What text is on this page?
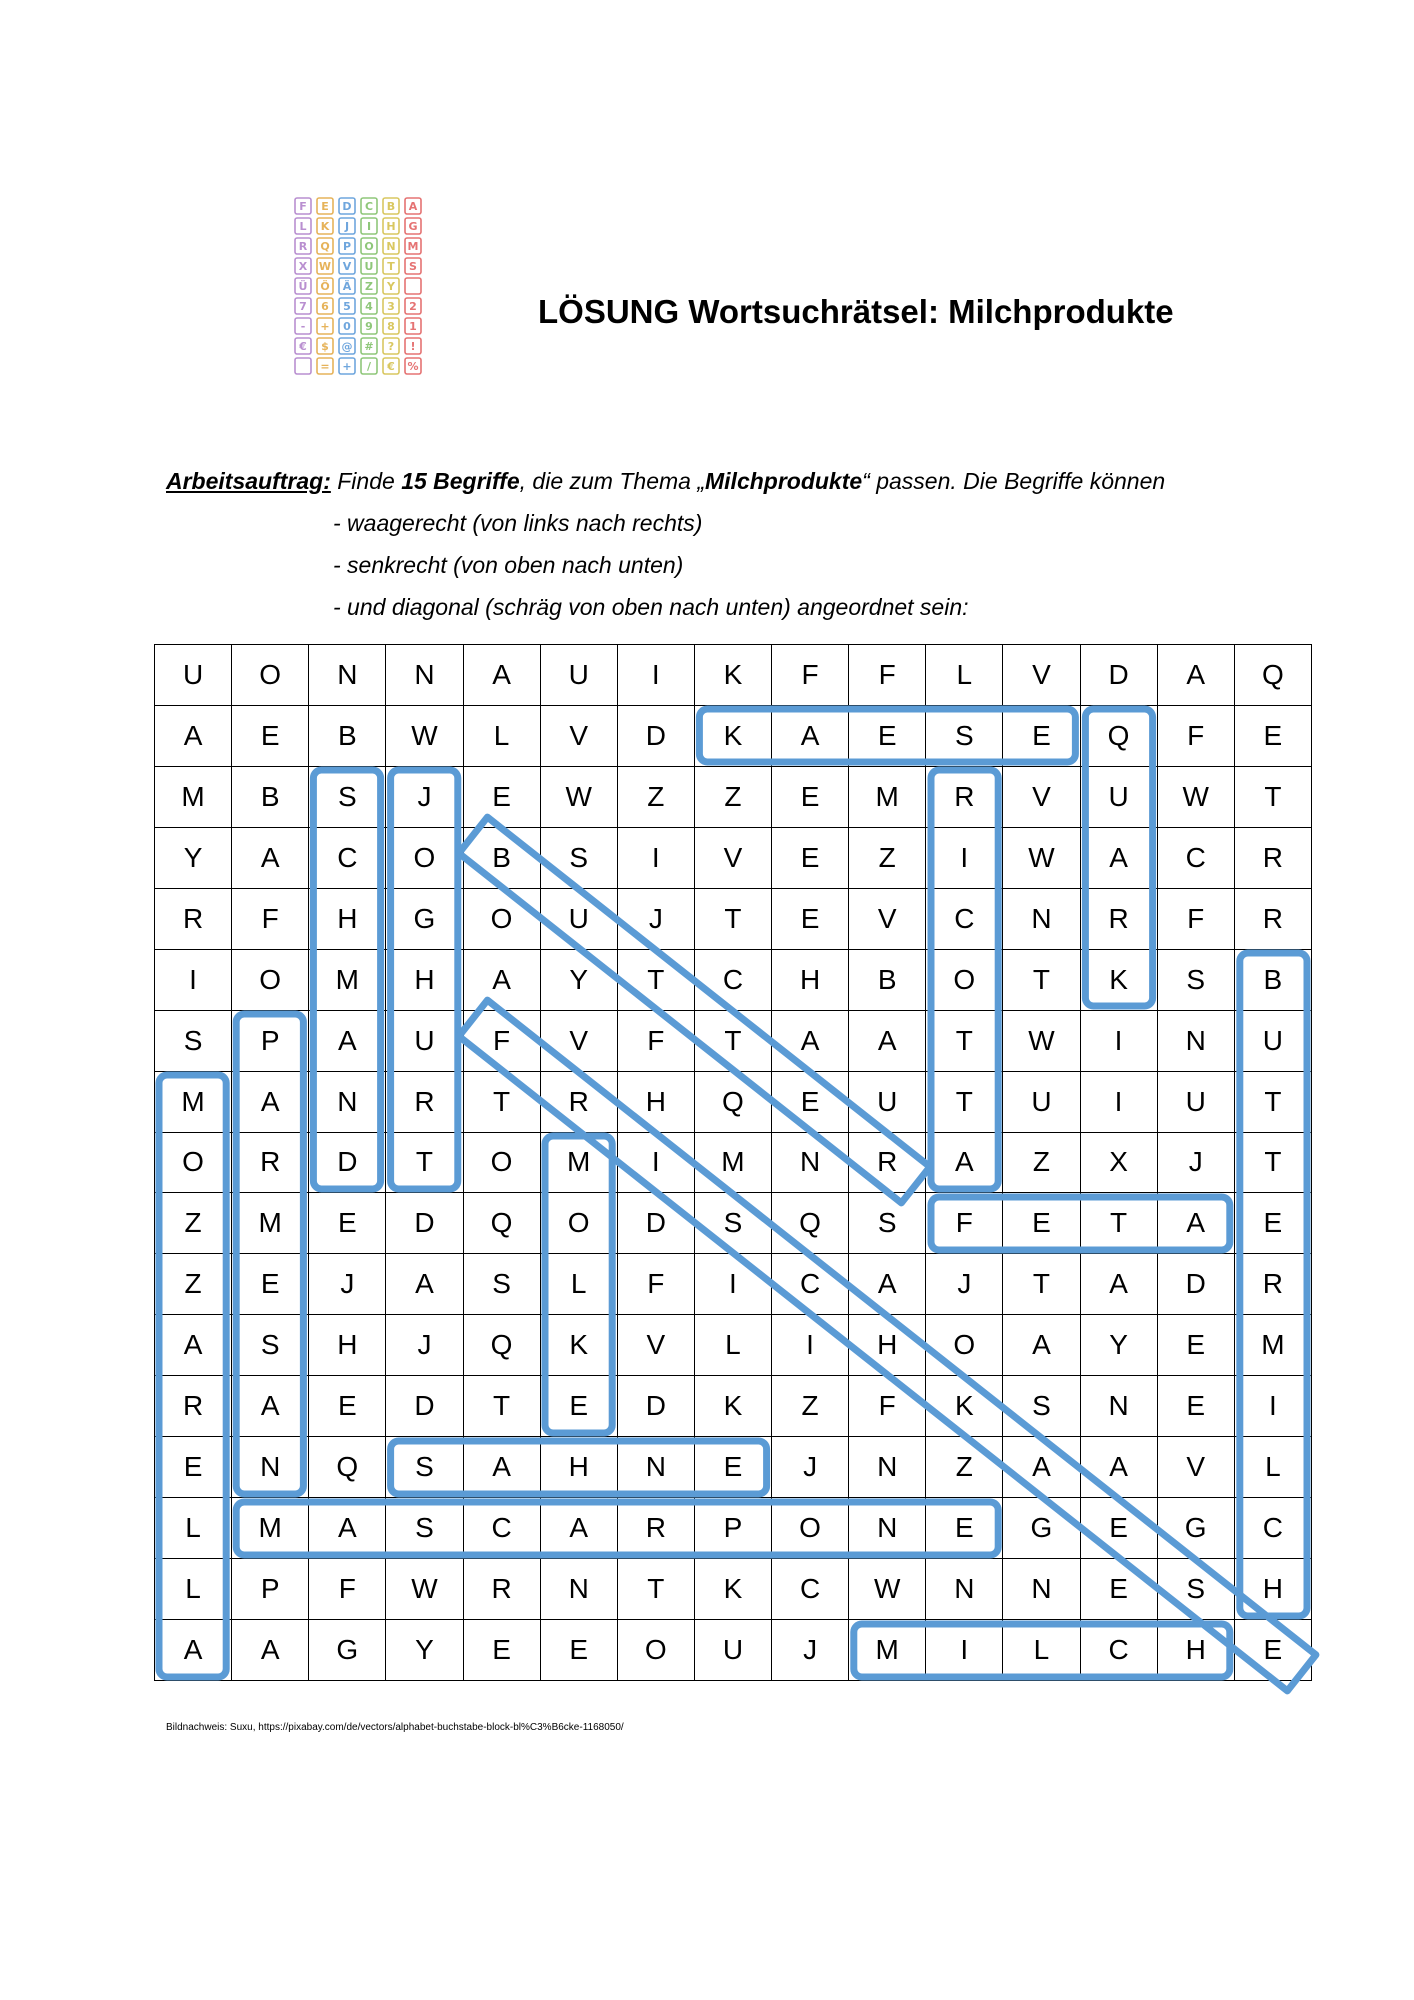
F E D C B A
L K J I H G
R Q P O N M
X W V U T S
Ü Ö Ä Z Y
7 6 5 4 3 2
- + 0 9 8 1
€ $ @ # ? !
= + / € %
LÖSUNG Wortsuchrätsel: Milchprodukte
Arbeitsauftrag: Finde 15 Begriffe, die zum Thema „Milchprodukte“ passen. Die Begriffe können
- waagerecht (von links nach rechts)
- senkrecht (von oben nach unten)
- und diagonal (schräg von oben nach unten) angeordnet sein:
U	O	N	N	A	U	I	K	F	F	L	V	D	A	Q
A	E	B	W	L	V	D	K	A	E	S	E	Q	F	E
M	B	S	J	E	W	Z	Z	E	M	R	V	U	W	T
Y	A	C	O	B	S	I	V	E	Z	I	W	A	C	R
R	F	H	G	O	U	J	T	E	V	C	N	R	F	R
I	O	M	H	A	Y	T	C	H	B	O	T	K	S	B
S	P	A	U	F	V	F	T	A	A	T	W	I	N	U
M	A	N	R	T	R	H	Q	E	U	T	U	I	U	T
O	R	D	T	O	M	I	M	N	R	A	Z	X	J	T
Z	M	E	D	Q	O	D	S	Q	S	F	E	T	A	E
Z	E	J	A	S	L	F	I	C	A	J	T	A	D	R
A	S	H	J	Q	K	V	L	I	H	O	A	Y	E	M
R	A	E	D	T	E	D	K	Z	F	K	S	N	E	I
E	N	Q	S	A	H	N	E	J	N	Z	A	A	V	L
L	M	A	S	C	A	R	P	O	N	E	G	E	G	C
L	P	F	W	R	N	T	K	C	W	N	N	E	S	H
A	A	G	Y	E	E	O	U	J	M	I	L	C	H	E
Bildnachweis: Suxu, https://pixabay.com/de/vectors/alphabet-buchstabe-block-bl%C3%B6cke-1168050/
